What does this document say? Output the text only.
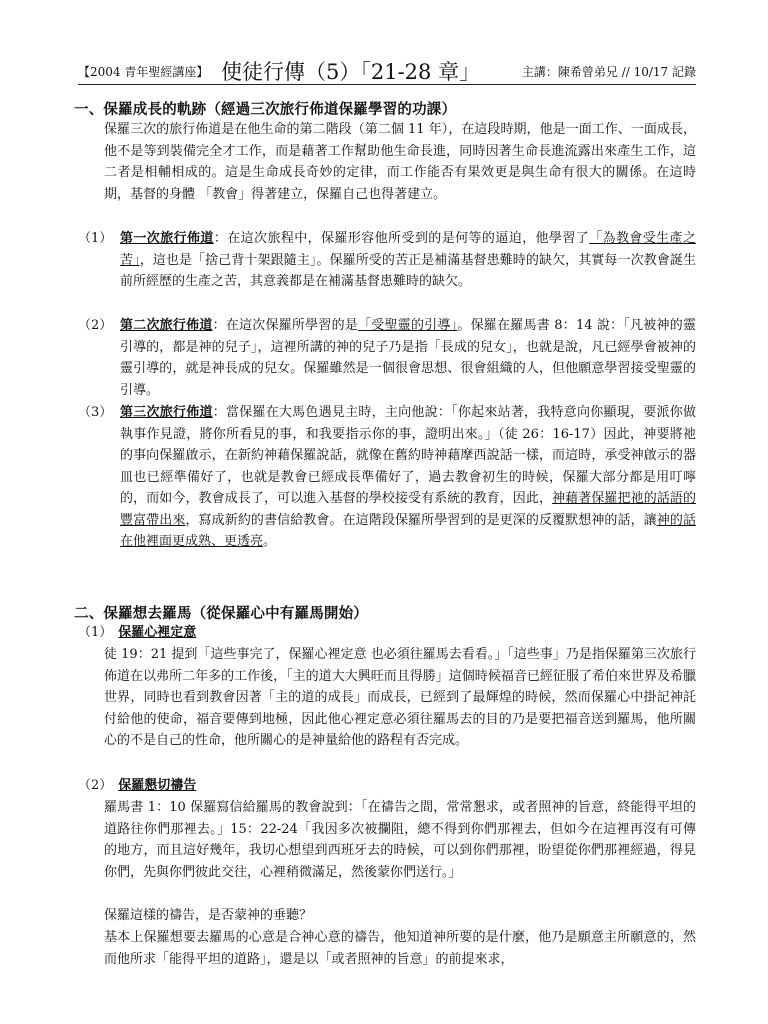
【2004 青年聖經講座】 使徒行傳（5）「21-28 章」	主講：陳希曾弟兄 // 10/17 記錄
一、保羅成長的軌跡（經過三次旅行佈道保羅學習的功課）
保羅三次的旅行佈道是在他生命的第二階段（第二個 11 年），在這段時期，他是一面工作、一面成長，他不是等到裝備完全才工作，而是藉著工作幫助他生命長進，同時因著生命長進流露出來產生工作，這二者是相輔相成的。這是生命成長奇妙的定律，而工作能否有果效更是與生命有很大的關係。在這時期，基督的身體 「教會」得著建立，保羅自己也得著建立。
（1） 第一次旅行佈道：在這次旅程中，保羅形容他所受到的是何等的逼迫，他學習了「為教會受生產之苦」，這也是「捨己背十架跟隨主」。保羅所受的苦正是補滿基督患難時的缺欠，其實每一次教會誕生前所經歷的生產之苦，其意義都是在補滿基督患難時的缺欠。
（2） 第二次旅行佈道：在這次保羅所學習的是「受聖靈的引導」。保羅在羅馬書 8：14 說：「凡被神的靈引導的，都是神的兒子」，這裡所講的神的兒子乃是指「長成的兒女」，也就是說，凡已經學會被神的靈引導的，就是神長成的兒女。保羅雖然是一個很會思想、很會組織的人，但他願意學習接受聖靈的引導。
（3） 第三次旅行佈道：當保羅在大馬色遇見主時，主向他說：「你起來站著，我特意向你顯現，要派你做執事作見證，將你所看見的事，和我要指示你的事，證明出來。」（徒 26：16-17）因此，神要將祂的事向保羅啟示，在新約神藉保羅說話，就像在舊約時神藉摩西說話一樣，而這時，承受神啟示的器皿也已經準備好了，也就是教會已經成長準備好了，過去教會初生的時候，保羅大部分都是用叮嚀的，而如今，教會成長了，可以進入基督的學校接受有系統的教育，因此，神藉著保羅把祂的話語的豐富帶出來，寫成新約的書信給教會。在這階段保羅所學習到的是更深的反覆默想神的話，讓神的話在他裡面更成熟、更透亮。
二、保羅想去羅馬（從保羅心中有羅馬開始）
（1） 保羅心裡定意
徒 19：21 提到「這些事完了，保羅心裡定意 也必須往羅馬去看看。」「這些事」乃是指保羅第三次旅行佈道在以弗所二年多的工作後，「主的道大大興旺而且得勝」這個時候福音已經征服了希伯來世界及希臘世界，同時也看到教會因著「主的道的成長」而成長，已經到了最輝煌的時候，然而保羅心中掛記神託付給他的使命，福音要傳到地極，因此他心裡定意必須往羅馬去的目的乃是要把福音送到羅馬，他所關心的不是自己的性命，他所關心的是神量給他的路程有否完成。
（2） 保羅懇切禱告
羅馬書 1：10 保羅寫信給羅馬的教會說到：「在禱告之間，常常懇求，或者照神的旨意，終能得平坦的道路往你們那裡去。」15：22-24「我因多次被攔阻，總不得到你們那裡去，但如今在這裡再沒有可傳的地方，而且這好幾年，我切心想望到西班牙去的時候，可以到你們那裡，盼望從你們那裡經過，得見你們，先與你們彼此交往，心裡稍微滿足，然後蒙你們送行。」
保羅這樣的禱告，是否蒙神的垂聽？
基本上保羅想要去羅馬的心意是合神心意的禱告，他知道神所要的是什麼，他乃是願意主所願意的，然而他所求「能得平坦的道路」，還是以「或者照神的旨意」的前提來求，
